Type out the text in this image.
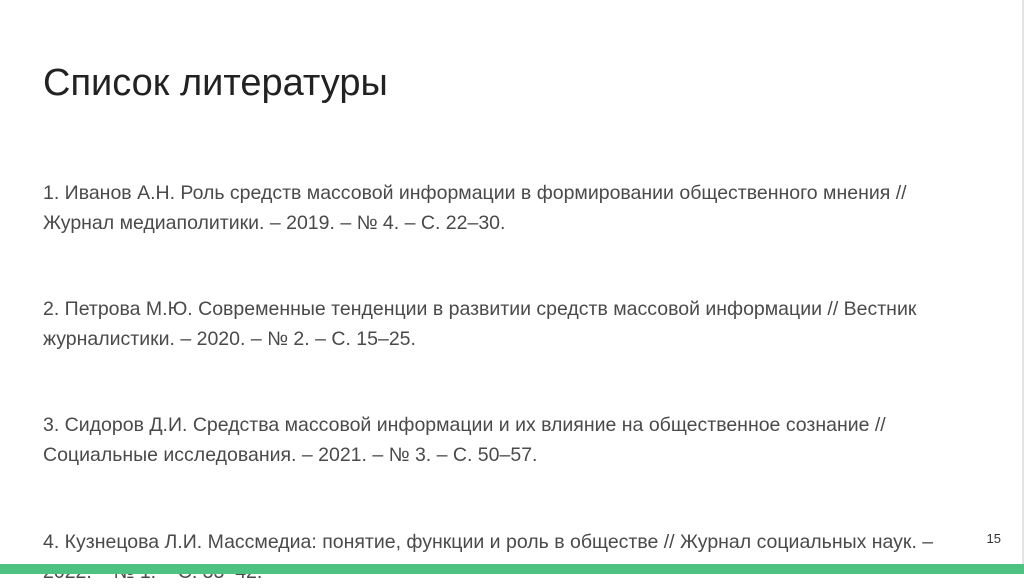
Список литературы
1. Иванов А.Н. Роль средств массовой информации в формировании общественного мнения // Журнал медиаполитики. – 2019. – № 4. – С. 22–30.
2. Петрова М.Ю. Современные тенденции в развитии средств массовой информации // Вестник журналистики. – 2020. – № 2. – С. 15–25.
3. Сидоров Д.И. Средства массовой информации и их влияние на общественное сознание // Социальные исследования. – 2021. – № 3. – С. 50–57.
4. Кузнецова Л.И. Массмедиа: понятие, функции и роль в обществе // Журнал социальных наук. –	15
